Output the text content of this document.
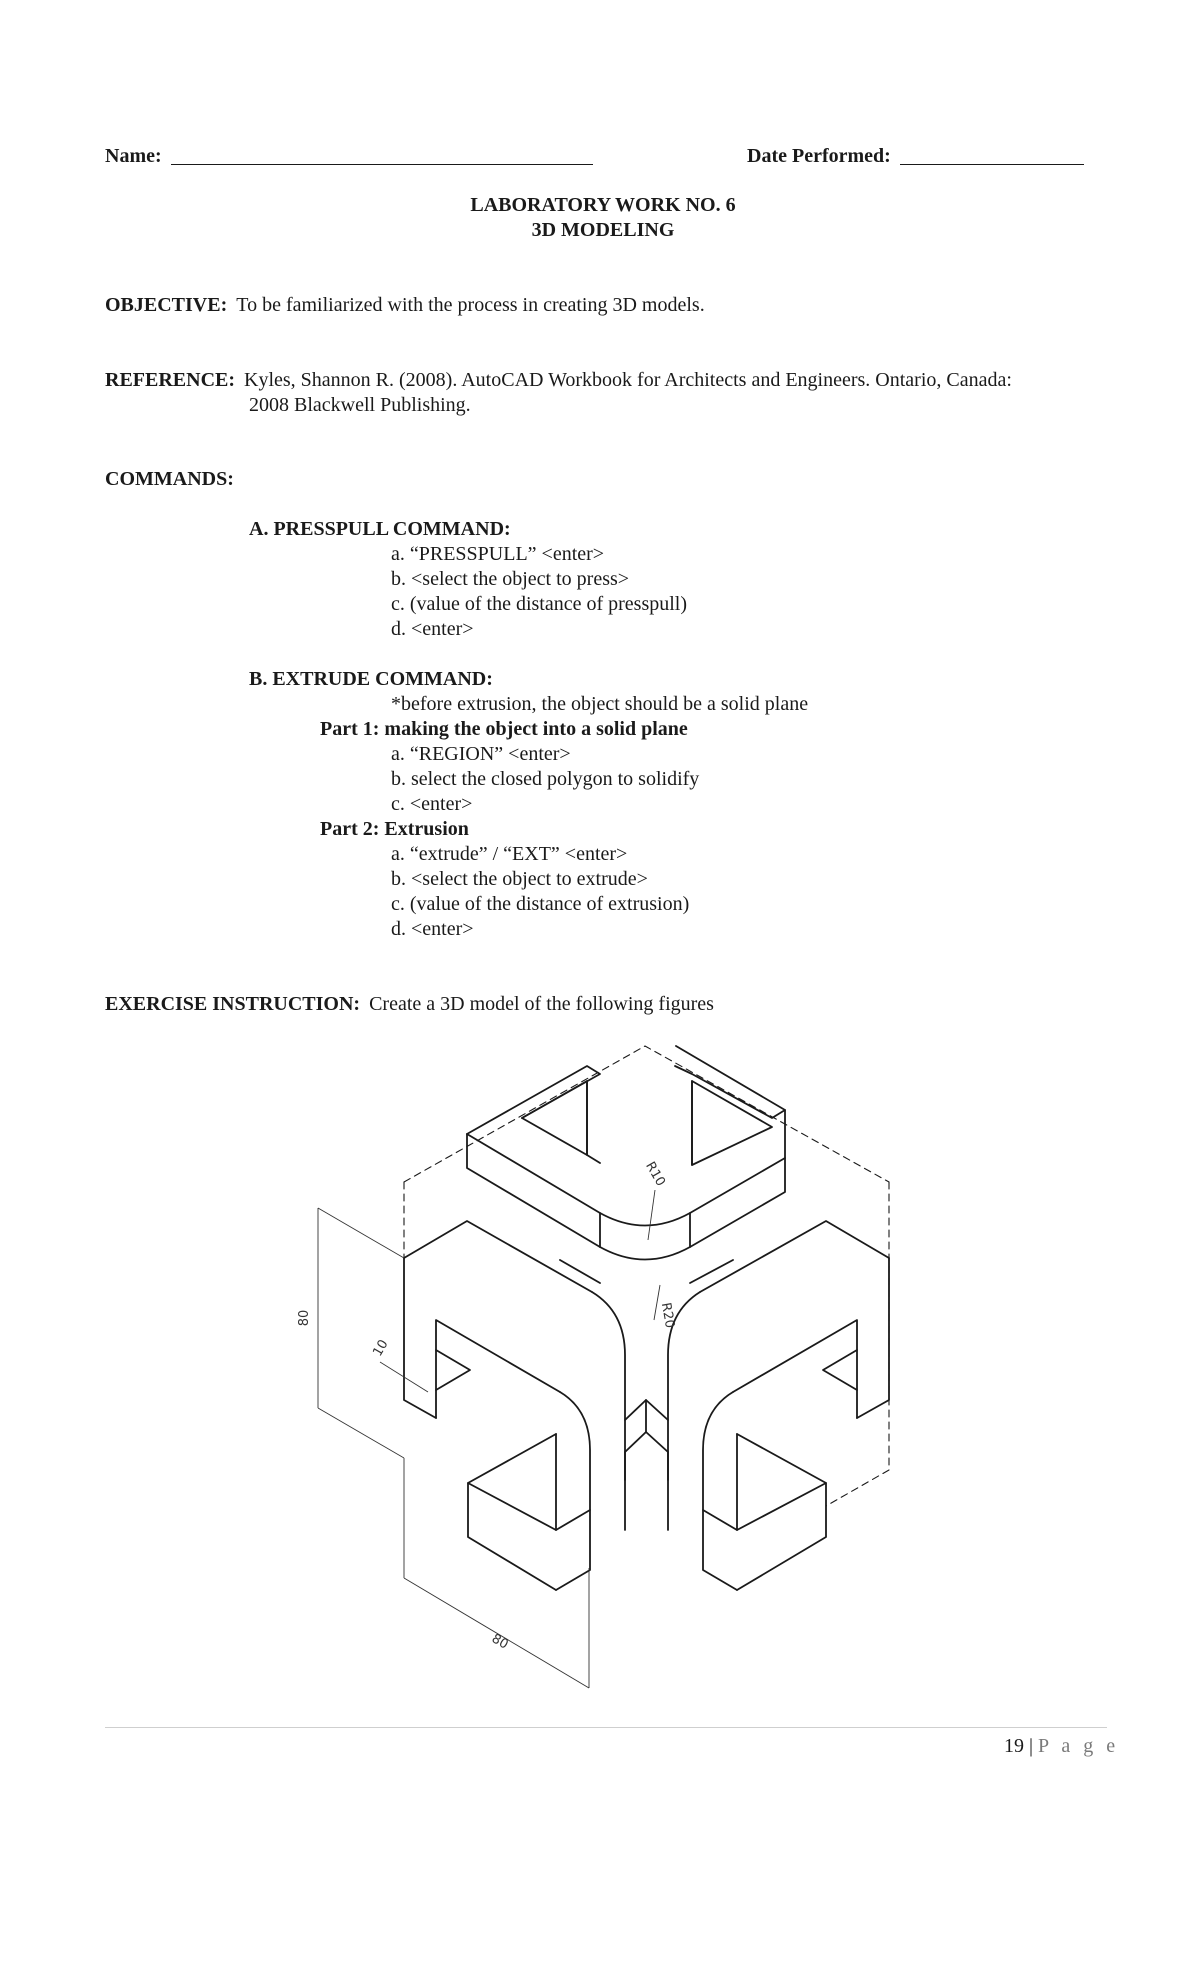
Name:	Date Performed:
LABORATORY WORK NO. 6
3D MODELING
OBJECTIVE: To be familiarized with the process in creating 3D models.
REFERENCE: Kyles, Shannon R. (2008). AutoCAD Workbook for Architects and Engineers. Ontario, Canada:
2008 Blackwell Publishing.
COMMANDS:
A. PRESSPULL COMMAND:
a. “PRESSPULL” <enter>
b. <select the object to press>
c. (value of the distance of presspull)
d. <enter>
B. EXTRUDE COMMAND:
*before extrusion, the object should be a solid plane
Part 1: making the object into a solid plane
a. “REGION” <enter>
b. select the closed polygon to solidify
c. <enter>
Part 2: Extrusion
a. “extrude” / “EXT” <enter>
b. <select the object to extrude>
c. (value of the distance of extrusion)
d. <enter>
EXERCISE INSTRUCTION: Create a 3D model of the following figures
80
80
10
R10
R20
19 | P a g e
